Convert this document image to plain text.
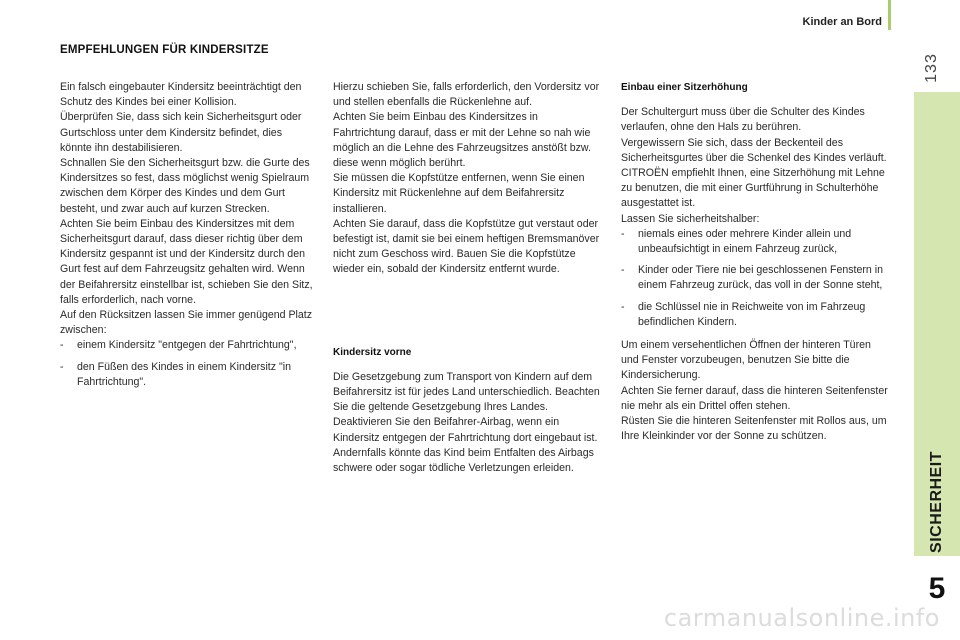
Kinder an Bord
133
SICHERHEIT
5
EMPFEHLUNGEN FÜR KINDERSITZE

Ein falsch eingebauter Kindersitz beeinträchtigt den Schutz des Kindes bei einer Kollision.

Überprüfen Sie, dass sich kein Sicherheitsgurt oder Gurtschloss unter dem Kindersitz befindet, dies könnte ihn destabilisieren.

Schnallen Sie den Sicherheitsgurt bzw. die Gurte des Kindersitzes so fest, dass möglichst wenig Spielraum zwischen dem Körper des Kindes und dem Gurt besteht, und zwar auch auf kurzen Strecken.

Achten Sie beim Einbau des Kindersitzes mit dem Sicherheitsgurt darauf, dass dieser richtig über dem Kindersitz gespannt ist und der Kindersitz durch den Gurt fest auf dem Fahrzeugsitz gehalten wird. Wenn der Beifahrersitz einstellbar ist, schieben Sie den Sitz, falls erforderlich, nach vorne.

Auf den Rücksitzen lassen Sie immer genügend Platz zwischen:

- einem Kindersitz "entgegen der Fahrtrichtung",
- den Füßen des Kindes in einem Kindersitz "in Fahrtrichtung".

Hierzu schieben Sie, falls erforderlich, den Vordersitz vor und stellen ebenfalls die Rückenlehne auf.

Achten Sie beim Einbau des Kindersitzes in Fahrtrichtung darauf, dass er mit der Lehne so nah wie möglich an die Lehne des Fahrzeugsitzes anstößt bzw. diese wenn möglich berührt.

Sie müssen die Kopfstütze entfernen, wenn Sie einen Kindersitz mit Rückenlehne auf dem Beifahrersitz installieren.

Achten Sie darauf, dass die Kopfstütze gut verstaut oder befestigt ist, damit sie bei einem heftigen Bremsmanöver nicht zum Geschoss wird. Bauen Sie die Kopfstütze wieder ein, sobald der Kindersitz entfernt wurde.

Kindersitz vorne

Die Gesetzgebung zum Transport von Kindern auf dem Beifahrersitz ist für jedes Land unterschiedlich. Beachten Sie die geltende Gesetzgebung Ihres Landes.

Deaktivieren Sie den Beifahrer-Airbag, wenn ein Kindersitz entgegen der Fahrtrichtung dort eingebaut ist.

Andernfalls könnte das Kind beim Entfalten des Airbags schwere oder sogar tödliche Verletzungen erleiden.

Einbau einer Sitzerhöhung

Der Schultergurt muss über die Schulter des Kindes verlaufen, ohne den Hals zu berühren.

Vergewissern Sie sich, dass der Beckenteil des Sicherheitsgurtes über die Schenkel des Kindes verläuft.

CITROËN empfiehlt Ihnen, eine Sitzerhöhung mit Lehne zu benutzen, die mit einer Gurtführung in Schulterhöhe ausgestattet ist.

Lassen Sie sicherheitshalber:

- niemals eines oder mehrere Kinder allein und unbeaufsichtigt in einem Fahrzeug zurück,
- Kinder oder Tiere nie bei geschlossenen Fenstern in einem Fahrzeug zurück, das voll in der Sonne steht,
- die Schlüssel nie in Reichweite von im Fahrzeug befindlichen Kindern.

Um einem versehentlichen Öffnen der hinteren Türen und Fenster vorzubeugen, benutzen Sie bitte die Kindersicherung.

Achten Sie ferner darauf, dass die hinteren Seitenfenster nie mehr als ein Drittel offen stehen.

Rüsten Sie die hinteren Seitenfenster mit Rollos aus, um Ihre Kleinkinder vor der Sonne zu schützen.

carmanualsonline.info
